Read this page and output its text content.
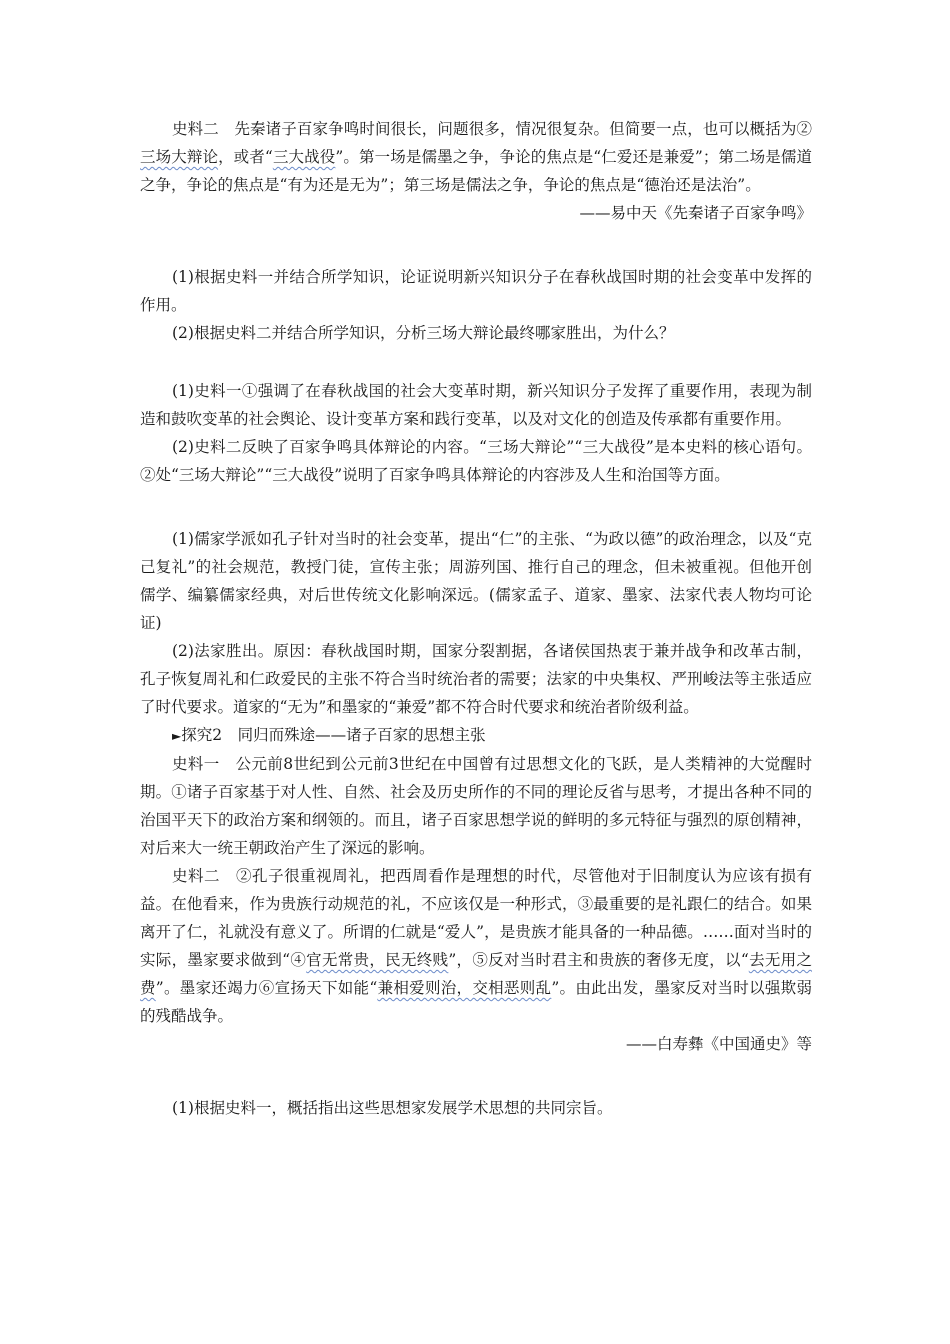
史料二　先秦诸子百家争鸣时间很长，问题很多，情况很复杂。但简要一点，也可以概括为②三场大辩论，或者“三大战役”。第一场是儒墨之争，争论的焦点是“仁爱还是兼爱”；第二场是儒道之争，争论的焦点是“有为还是无为”；第三场是儒法之争，争论的焦点是“德治还是法治”。

——易中天《先秦诸子百家争鸣》

(1)根据史料一并结合所学知识，论证说明新兴知识分子在春秋战国时期的社会变革中发挥的作用。

(2)根据史料二并结合所学知识，分析三场大辩论最终哪家胜出，为什么？

(1)史料一①强调了在春秋战国的社会大变革时期，新兴知识分子发挥了重要作用，表现为制造和鼓吹变革的社会舆论、设计变革方案和践行变革，以及对文化的创造及传承都有重要作用。

(2)史料二反映了百家争鸣具体辩论的内容。“三场大辩论”“三大战役”是本史料的核心语句。②处“三场大辩论”“三大战役”说明了百家争鸣具体辩论的内容涉及人生和治国等方面。

(1)儒家学派如孔子针对当时的社会变革，提出“仁”的主张、“为政以德”的政治理念，以及“克己复礼”的社会规范，教授门徒，宣传主张；周游列国、推行自己的理念，但未被重视。但他开创儒学、编纂儒家经典，对后世传统文化影响深远。(儒家孟子、道家、墨家、法家代表人物均可论证)

(2)法家胜出。原因：春秋战国时期，国家分裂割据，各诸侯国热衷于兼并战争和改革古制，孔子恢复周礼和仁政爱民的主张不符合当时统治者的需要；法家的中央集权、严刑峻法等主张适应了时代要求。道家的“无为”和墨家的“兼爱”都不符合时代要求和统治者阶级利益。

►探究2　同归而殊途——诸子百家的思想主张

史料一　公元前8世纪到公元前3世纪在中国曾有过思想文化的飞跃，是人类精神的大觉醒时期。①诸子百家基于对人性、自然、社会及历史所作的不同的理论反省与思考，才提出各种不同的治国平天下的政治方案和纲领的。而且，诸子百家思想学说的鲜明的多元特征与强烈的原创精神，对后来大一统王朝政治产生了深远的影响。

史料二　②孔子很重视周礼，把西周看作是理想的时代，尽管他对于旧制度认为应该有损有益。在他看来，作为贵族行动规范的礼，不应该仅是一种形式，③最重要的是礼跟仁的结合。如果离开了仁，礼就没有意义了。所谓的仁就是“爱人”，是贵族才能具备的一种品德。……面对当时的实际，墨家要求做到“④官无常贵，民无终贱”，⑤反对当时君主和贵族的奢侈无度，以“去无用之费”。墨家还竭力⑥宣扬天下如能“兼相爱则治，交相恶则乱”。由此出发，墨家反对当时以强欺弱的残酷战争。

——白寿彝《中国通史》等

(1)根据史料一，概括指出这些思想家发展学术思想的共同宗旨。
